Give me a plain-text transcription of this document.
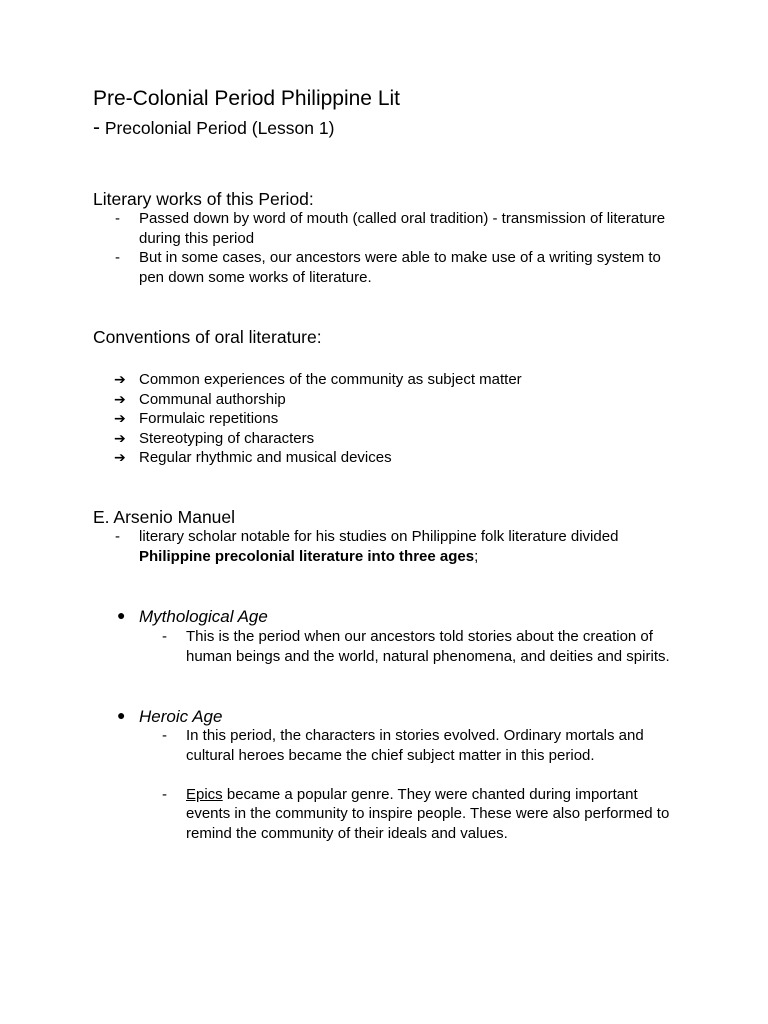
Pre-Colonial Period Philippine Lit
- Precolonial Period (Lesson 1)
Literary works of this Period:
- Passed down by word of mouth (called oral tradition) - transmission of literature during this period
- But in some cases, our ancestors were able to make use of a writing system to pen down some works of literature.
Conventions of oral literature:
➔ Common experiences of the community as subject matter
➔ Communal authorship
➔ Formulaic repetitions
➔ Stereotyping of characters
➔ Regular rhythmic and musical devices
E. Arsenio Manuel
- literary scholar notable for his studies on Philippine folk literature divided Philippine precolonial literature into three ages;
● Mythological Age
- This is the period when our ancestors told stories about the creation of human beings and the world, natural phenomena, and deities and spirits.
● Heroic Age
- In this period, the characters in stories evolved. Ordinary mortals and cultural heroes became the chief subject matter in this period.
- Epics became a popular genre. They were chanted during important events in the community to inspire people. These were also performed to remind the community of their ideals and values.
